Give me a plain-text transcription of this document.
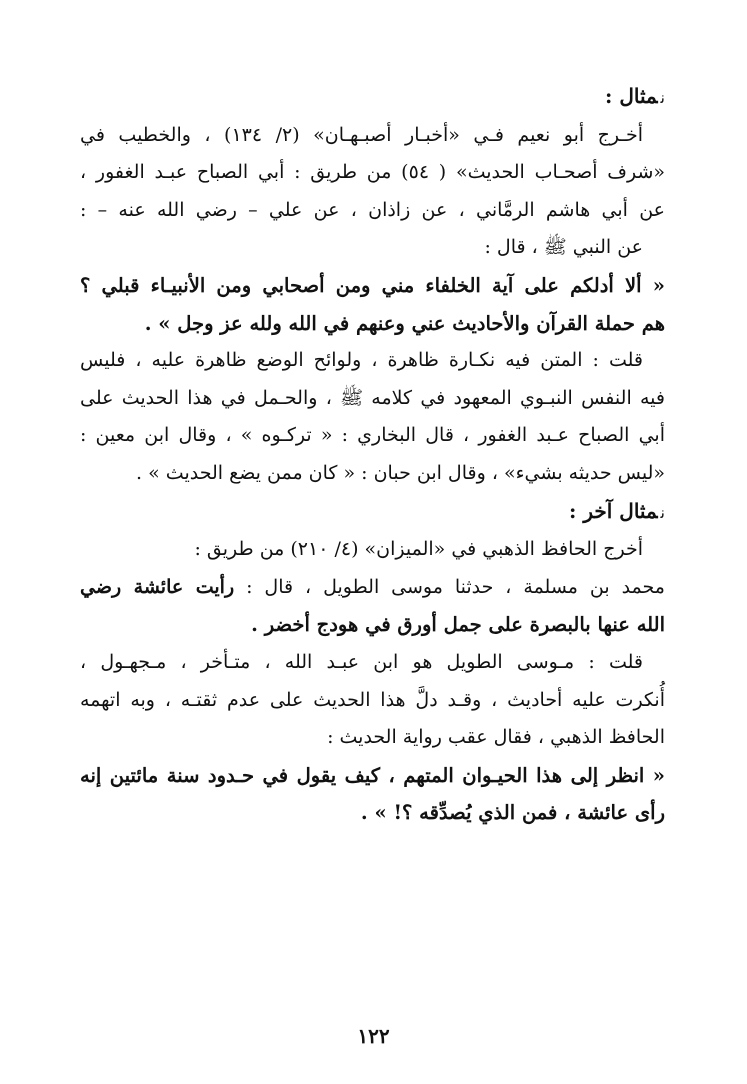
نمثال :

أخـرج أبو نعيم فـي «أخبـار أصبـهـان» (٢/ ١٣٤) ، والخطيب في

«شرف أصحـاب الحديث» ( ٥٤) من طريق : أبي الصباح عبـد الغفور ،

عن أبي هاشم الرمَّاني ، عن زاذان ، عن علي – رضي الله عنه – :

عن النبي ﷺ ، قال :

« ألا أدلكم على آية الخلفاء مني ومن أصحابي ومن الأنبيـاء قبلي ؟

هم حملة القرآن والأحاديث عني وعنهم في الله ولله عز وجل » .

قلت : المتن فيه نكـارة ظاهرة ، ولوائح الوضع ظاهرة عليه ، فليس

فيه النفس النبـوي المعهود في كلامه ﷺ ، والحـمل في هذا الحديث على

أبي الصباح عـبد الغفور ، قال البخاري : « تركـوه » ، وقال ابن معين :

«ليس حديثه بشيء» ، وقال ابن حبان : « كان ممن يضع الحديث » .

نمثال آخر :

أخرج الحافظ الذهبي في «الميزان» (٤/ ٢١٠) من طريق :

محمد بن مسلمة ، حدثنا موسى الطويل ، قال : رأيت عائشة رضي

الله عنها بالبصرة على جمل أورق في هودج أخضر .

قلت : مـوسى الطويل هو ابن عبـد الله ، متـأخر ، مـجهـول ،

أُنكرت عليه أحاديث ، وقـد دلَّ هذا الحديث على عدم ثقتـه ، وبه اتهمه

الحافظ الذهبي ، فقال عقب رواية الحديث :

« انظر إلى هذا الحيـوان المتهم ، كيف يقول في حـدود سنة مائتين إنه

رأى عائشة ، فمن الذي يُصدِّقه ؟! » .

١٢٢
